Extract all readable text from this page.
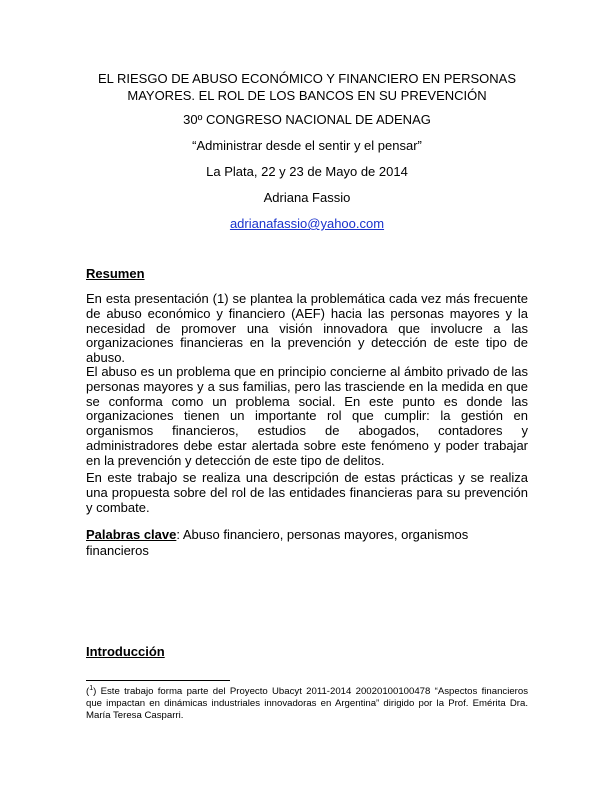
EL RIESGO DE ABUSO ECONÓMICO Y FINANCIERO EN PERSONAS
MAYORES. EL ROL DE LOS BANCOS EN SU PREVENCIÓN
30º CONGRESO NACIONAL DE ADENAG
“Administrar desde el sentir y el pensar”
La Plata, 22 y 23 de Mayo de 2014
Adriana Fassio
adrianafassio@yahoo.com
Resumen
En esta presentación (1) se plantea la problemática cada vez más frecuente de abuso económico y financiero (AEF) hacia las personas mayores y la necesidad de promover una visión innovadora que involucre a las organizaciones financieras en la prevención y detección de este tipo de abuso.
El abuso es un problema que en principio concierne al ámbito privado de las personas mayores y a sus familias, pero las trasciende en la medida en que se conforma como un problema social. En este punto es donde las organizaciones tienen un importante rol que cumplir: la gestión en organismos financieros, estudios de abogados, contadores y administradores debe estar alertada sobre este fenómeno y poder trabajar en la prevención y detección de este tipo de delitos.
En este trabajo se realiza una descripción de estas prácticas y se realiza una propuesta sobre del rol de las entidades financieras para su prevención y combate.
Palabras clave: Abuso financiero, personas mayores, organismos financieros
Introducción
($^1$) Este trabajo forma parte del Proyecto Ubacyt 2011-2014 20020100100478 “Aspectos financieros que impactan en dinámicas industriales innovadoras en Argentina” dirigido por la Prof. Emérita Dra. María Teresa Casparri.
